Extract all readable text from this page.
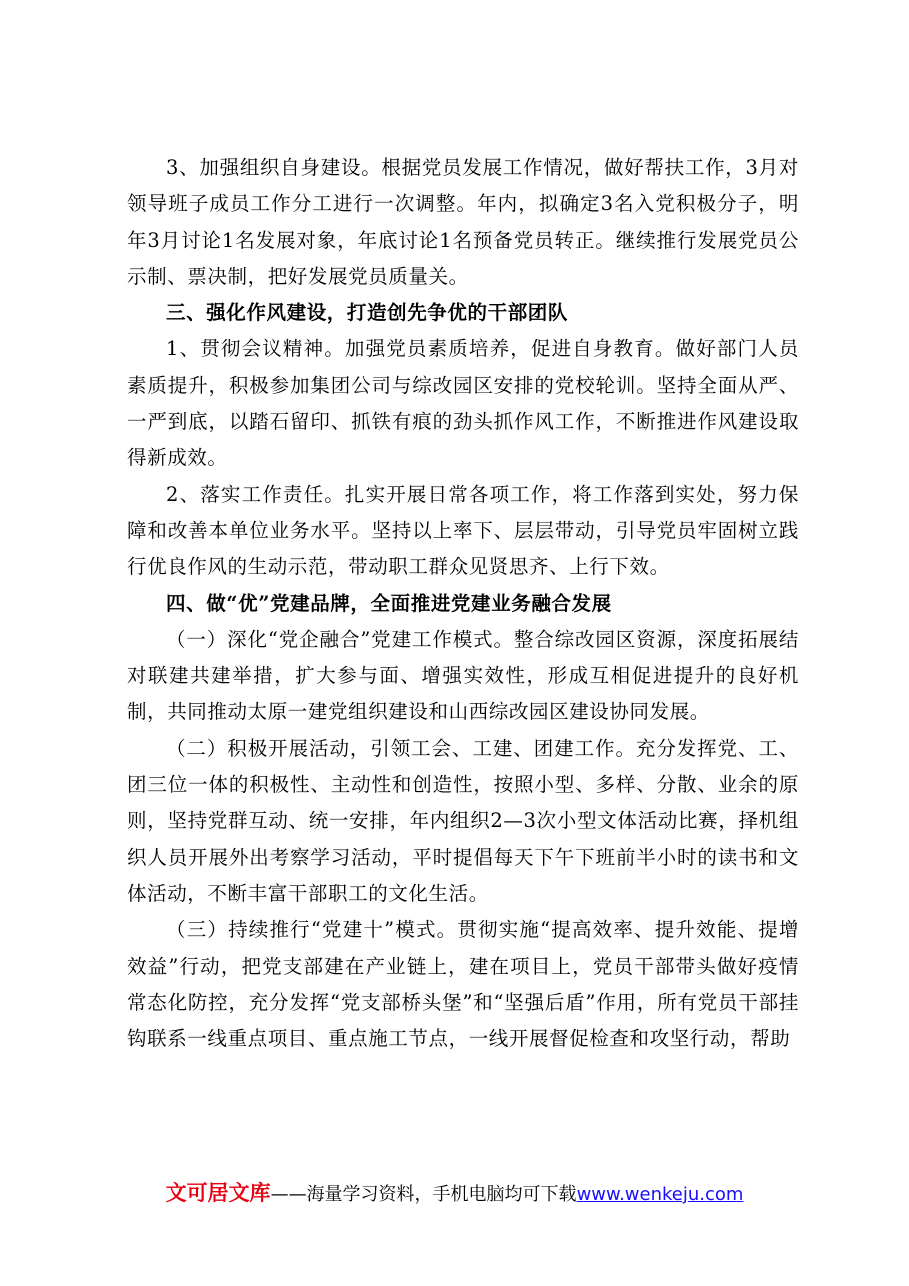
3、加强组织自身建设。根据党员发展工作情况，做好帮扶工作，3月对领导班子成员工作分工进行一次调整。年内，拟确定3名入党积极分子，明年3月讨论1名发展对象，年底讨论1名预备党员转正。继续推行发展党员公示制、票决制，把好发展党员质量关。

三、强化作风建设，打造创先争优的干部团队

1、贯彻会议精神。加强党员素质培养，促进自身教育。做好部门人员素质提升，积极参加集团公司与综改园区安排的党校轮训。坚持全面从严、一严到底，以踏石留印、抓铁有痕的劲头抓作风工作，不断推进作风建设取得新成效。

2、落实工作责任。扎实开展日常各项工作，将工作落到实处，努力保障和改善本单位业务水平。坚持以上率下、层层带动，引导党员牢固树立践行优良作风的生动示范，带动职工群众见贤思齐、上行下效。

四、做“优”党建品牌，全面推进党建业务融合发展

（一）深化“党企融合”党建工作模式。整合综改园区资源，深度拓展结对联建共建举措，扩大参与面、增强实效性，形成互相促进提升的良好机制，共同推动太原一建党组织建设和山西综改园区建设协同发展。

（二）积极开展活动，引领工会、工建、团建工作。充分发挥党、工、团三位一体的积极性、主动性和创造性，按照小型、多样、分散、业余的原则，坚持党群互动、统一安排，年内组织2—3次小型文体活动比赛，择机组织人员开展外出考察学习活动，平时提倡每天下午下班前半小时的读书和文体活动，不断丰富干部职工的文化生活。

（三）持续推行“党建十”模式。贯彻实施“提高效率、提升效能、提增效益”行动，把党支部建在产业链上，建在项目上，党员干部带头做好疫情常态化防控，充分发挥“党支部桥头堡”和“坚强后盾”作用，所有党员干部挂钩联系一线重点项目、重点施工节点，一线开展督促检查和攻坚行动，帮助

文可居文库——海量学习资料，手机电脑均可下载www.wenkeju.com
